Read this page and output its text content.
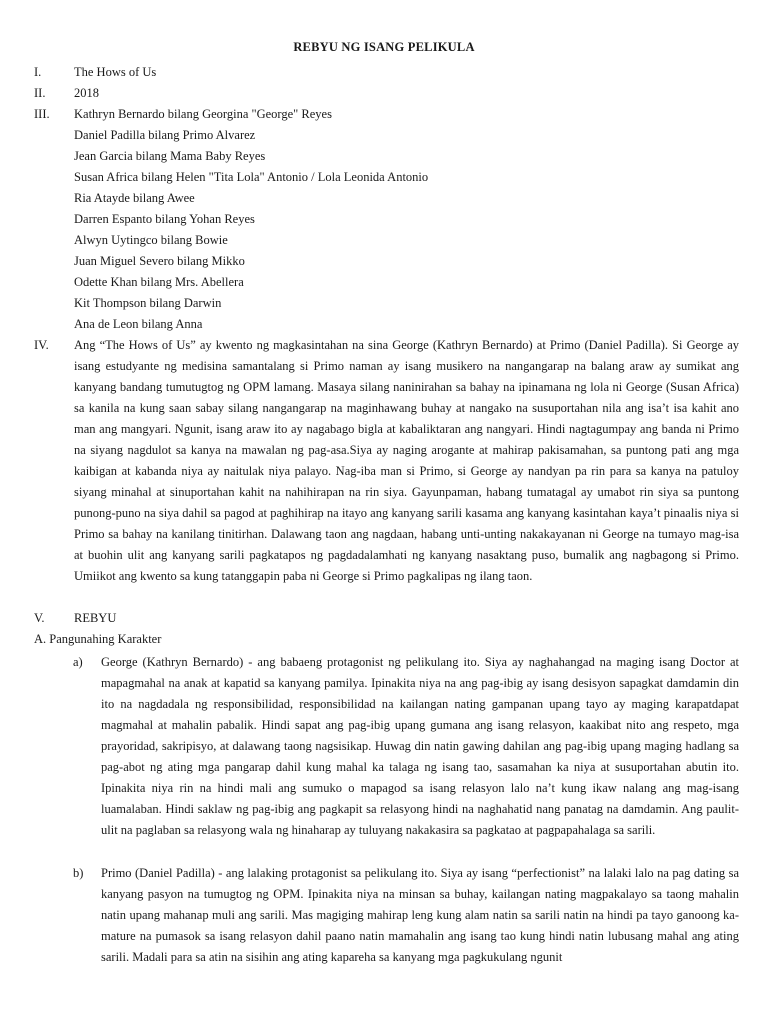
REBYU NG ISANG PELIKULA
I.	The Hows of Us
II.	2018
III.	Kathryn Bernardo bilang Georgina "George" Reyes
Daniel Padilla bilang Primo Alvarez
Jean Garcia bilang Mama Baby Reyes
Susan Africa bilang Helen "Tita Lola" Antonio / Lola Leonida Antonio
Ria Atayde bilang Awee
Darren Espanto bilang Yohan Reyes
Alwyn Uytingco bilang Bowie
Juan Miguel Severo bilang Mikko
Odette Khan bilang Mrs. Abellera
Kit Thompson bilang Darwin
Ana de Leon bilang Anna
IV.	Ang “The Hows of Us” ay kwento ng magkasintahan na sina George (Kathryn Bernardo) at Primo (Daniel Padilla). Si George ay isang estudyante ng medisina samantalang si Primo naman ay isang musikero na nangangarap na balang araw ay sumikat ang kanyang bandang tumutugtog ng OPM lamang. Masaya silang naninirahan sa bahay na ipinamana ng lola ni George (Susan Africa) sa kanila na kung saan sabay silang nangangarap na maginhawang buhay at nangako na susuportahan nila ang isa’t isa kahit ano man ang mangyari. Ngunit, isang araw ito ay nagabago bigla at kabaliktaran ang nangyari. Hindi nagtagumpay ang banda ni Primo na siyang nagdulot sa kanya na mawalan ng pag-asa.Siya ay naging arogante at mahirap pakisamahan, sa puntong pati ang mga kaibigan at kabanda niya ay naitulak niya palayo. Nag-iba man si Primo, si George ay nandyan pa rin para sa kanya na patuloy siyang minahal at sinuportahan kahit na nahihirapan na rin siya. Gayunpaman, habang tumatagal ay umabot rin siya sa puntong punong-puno na siya dahil sa pagod at paghihirap na itayo ang kanyang sarili kasama ang kanyang kasintahan kaya’t pinaalis niya si Primo sa bahay na kanilang tinitirhan. Dalawang taon ang nagdaan, habang unti-unting nakakayanan ni George na tumayo mag-isa at buohin ulit ang kanyang sarili pagkatapos ng pagdadalamhati ng kanyang nasaktang puso, bumalik ang nagbagong si Primo. Umiikot ang kwento sa kung tatanggapin paba ni George si Primo pagkalipas ng ilang taon.
V.	REBYU
A. Pangunahing Karakter
a) George (Kathryn Bernardo) - ang babaeng protagonist ng pelikulang ito. Siya ay naghahangad na maging isang Doctor at mapagmahal na anak at kapatid sa kanyang pamilya. Ipinakita niya na ang pag-ibig ay isang desisyon sapagkat damdamin din ito na nagdadala ng responsibilidad, responsibilidad na kailangan nating gampanan upang tayo ay maging karapatdapat magmahal at mahalin pabalik. Hindi sapat ang pag-ibig upang gumana ang isang relasyon, kaakibat nito ang respeto, mga prayoridad, sakripisyo, at dalawang taong nagsisikap. Huwag din natin gawing dahilan ang pag-ibig upang maging hadlang sa pag-abot ng ating mga pangarap dahil kung mahal ka talaga ng isang tao, sasamahan ka niya at susuportahan abutin ito. Ipinakita niya rin na hindi mali ang sumuko o mapagod sa isang relasyon lalo na’t kung ikaw nalang ang mag-isang luamalaban. Hindi saklaw ng pag-ibig ang pagkapit sa relasyong hindi na naghahatid nang panatag na damdamin. Ang paulit-ulit na paglaban sa relasyong wala ng hinaharap ay tuluyang nakakasira sa pagkatao at pagpapahalaga sa sarili.
b) Primo (Daniel Padilla) - ang lalaking protagonist sa pelikulang ito. Siya ay isang “perfectionist” na lalaki lalo na pag dating sa kanyang pasyon na tumugtog ng OPM. Ipinakita niya na minsan sa buhay, kailangan nating magpakalayo sa taong mahalin natin upang mahanap muli ang sarili. Mas magiging mahirap leng kung alam natin sa sarili natin na hindi pa tayo ganoong ka-mature na pumasok sa isang relasyon dahil paano natin mamahalin ang isang tao kung hindi natin lubusang mahal ang ating sarili. Madali para sa atin na sisihin ang ating kapareha sa kanyang mga pagkukulang ngunit
